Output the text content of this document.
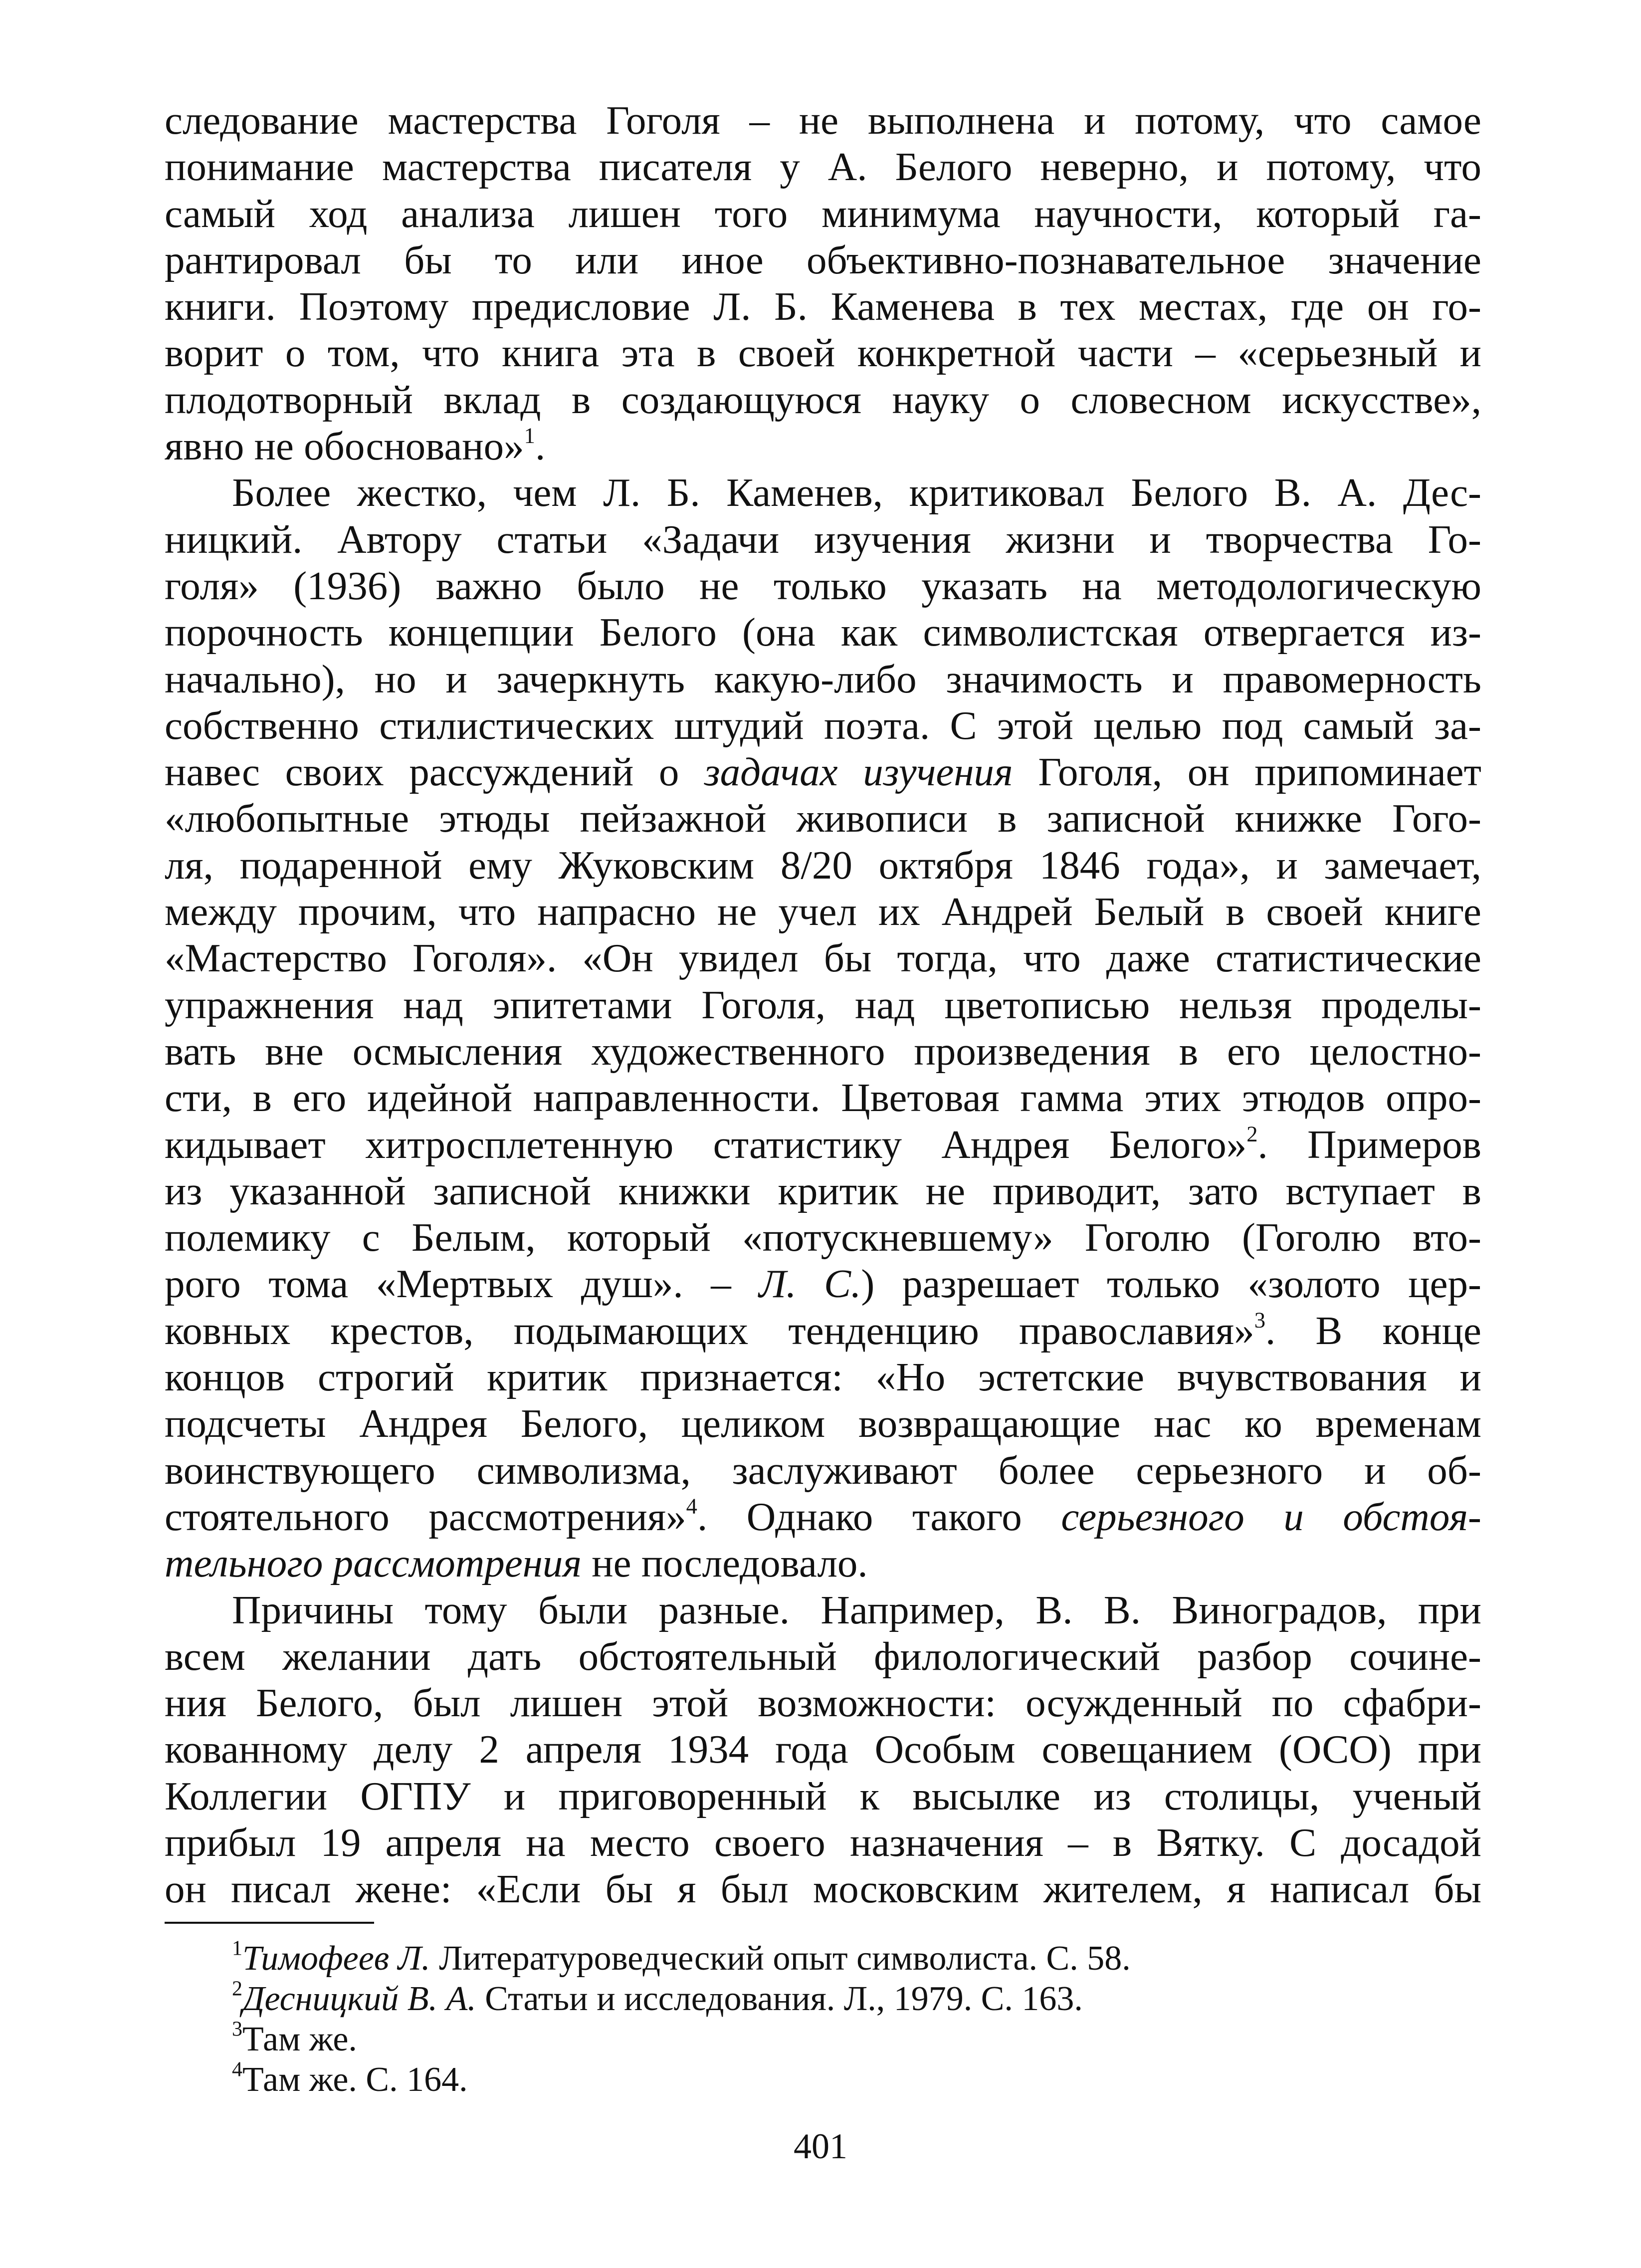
следование мастерства Гоголя – не выполнена и потому, что самое
понимание мастерства писателя у А. Белого неверно, и потому, что
самый ход анализа лишен того минимума научности, который га-
рантировал бы то или иное объективно-познавательное значение
книги. Поэтому предисловие Л. Б. Каменева в тех местах, где он го-
ворит о том, что книга эта в своей конкретной части – «серьезный и
плодотворный вклад в создающуюся науку о словесном искусстве»,
явно не обосновано»$^1$.
Более жестко, чем Л. Б. Каменев, критиковал Белого В. А. Дес-
ницкий. Автору статьи «Задачи изучения жизни и творчества Го-
голя» (1936) важно было не только указать на методологическую
порочность концепции Белого (она как символистская отвергается из-
начально), но и зачеркнуть какую-либо значимость и правомерность
собственно стилистических штудий поэта. С этой целью под самый за-
навес своих рассуждений о задачах изучения Гоголя, он припоминает
«любопытные этюды пейзажной живописи в записной книжке Гого-
ля, подаренной ему Жуковским 8/20 октября 1846 года», и замечает,
между прочим, что напрасно не учел их Андрей Белый в своей книге
«Мастерство Гоголя». «Он увидел бы тогда, что даже статистические
упражнения над эпитетами Гоголя, над цветописью нельзя проделы-
вать вне осмысления художественного произведения в его целостно-
сти, в его идейной направленности. Цветовая гамма этих этюдов опро-
кидывает хитросплетенную статистику Андрея Белого»$^2$. Примеров
из указанной записной книжки критик не приводит, зато вступает в
полемику с Белым, который «потускневшему» Гоголю (Гоголю вто-
рого тома «Мертвых душ». – Л. С.) разрешает только «золото цер-
ковных крестов, подымающих тенденцию православия»$^3$. В конце
концов строгий критик признается: «Но эстетские вчувствования и
подсчеты Андрея Белого, целиком возвращающие нас ко временам
воинствующего символизма, заслуживают более серьезного и об-
стоятельного рассмотрения»$^4$. Однако такого серьезного и обстоя-
тельного рассмотрения не последовало.
Причины тому были разные. Например, В. В. Виноградов, при
всем желании дать обстоятельный филологический разбор сочине-
ния Белого, был лишен этой возможности: осужденный по сфабри-
кованному делу 2 апреля 1934 года Особым совещанием (ОСО) при
Коллегии ОГПУ и приговоренный к высылке из столицы, ученый
прибыл 19 апреля на место своего назначения – в Вятку. С досадой
он писал жене: «Если бы я был московским жителем, я написал бы
$^1$Тимофеев Л. Литературоведческий опыт символиста. С. 58.
$^2$Десницкий В. А. Статьи и исследования. Л., 1979. С. 163.
$^3$Там же.
$^4$Там же. С. 164.
401
